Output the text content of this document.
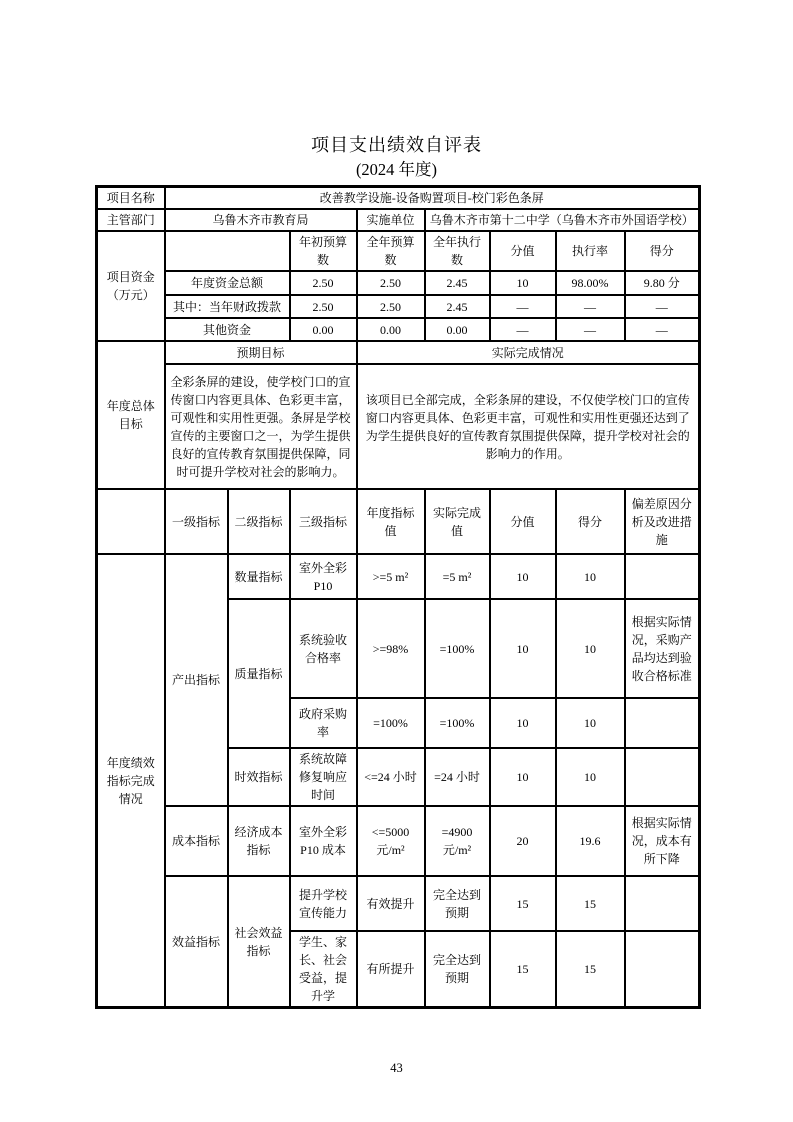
项目支出绩效自评表
(2024 年度)
项目名称	改善教学设施-设备购置项目-校门彩色条屏							
主管部门	乌鲁木齐市教育局			实施单位	乌鲁木齐市第十二中学（乌鲁木齐市外国语学校）			
项目资金（万元）			年初预算数	全年预算数	全年执行数	分值	执行率	得分
	年度资金总额		2.50	2.50	2.45	10	98.00%	9.80 分
	其中：当年财政拨款		2.50	2.50	2.45	—	—	—
	其他资金		0.00	0.00	0.00	—	—	—
年度总体目标	预期目标			实际完成情况				
	全彩条屏的建设，使学校门口的宣传窗口内容更具体、色彩更丰富，可观性和实用性更强。条屏是学校宣传的主要窗口之一，为学生提供良好的宣传教育氛围提供保障，同时可提升学校对社会的影响力。			该项目已全部完成，全彩条屏的建设，不仅使学校门口的宣传窗口内容更具体、色彩更丰富，可观性和实用性更强还达到了为学生提供良好的宣传教育氛围提供保障，提升学校对社会的影响力的作用。				
	一级指标	二级指标	三级指标	年度指标值	实际完成值	分值	得分	偏差原因分析及改进措施
年度绩效指标完成情况	产出指标	数量指标	室外全彩P10	>=5 m²	=5 m²	10	10	
		质量指标	系统验收合格率	>=98%	=100%	10	10	根据实际情况，采购产品均达到验收合格标准
			政府采购率	=100%	=100%	10	10	
		时效指标	系统故障修复响应时间	<=24 小时	=24 小时	10	10	
	成本指标	经济成本指标	室外全彩 P10 成本	<=5000 元/m²	=4900 元/m²	20	19.6	根据实际情况，成本有所下降
	效益指标	社会效益指标	提升学校宣传能力	有效提升	完全达到预期	15	15	
			学生、家长、社会受益，提升学	有所提升	完全达到预期	15	15	
43
